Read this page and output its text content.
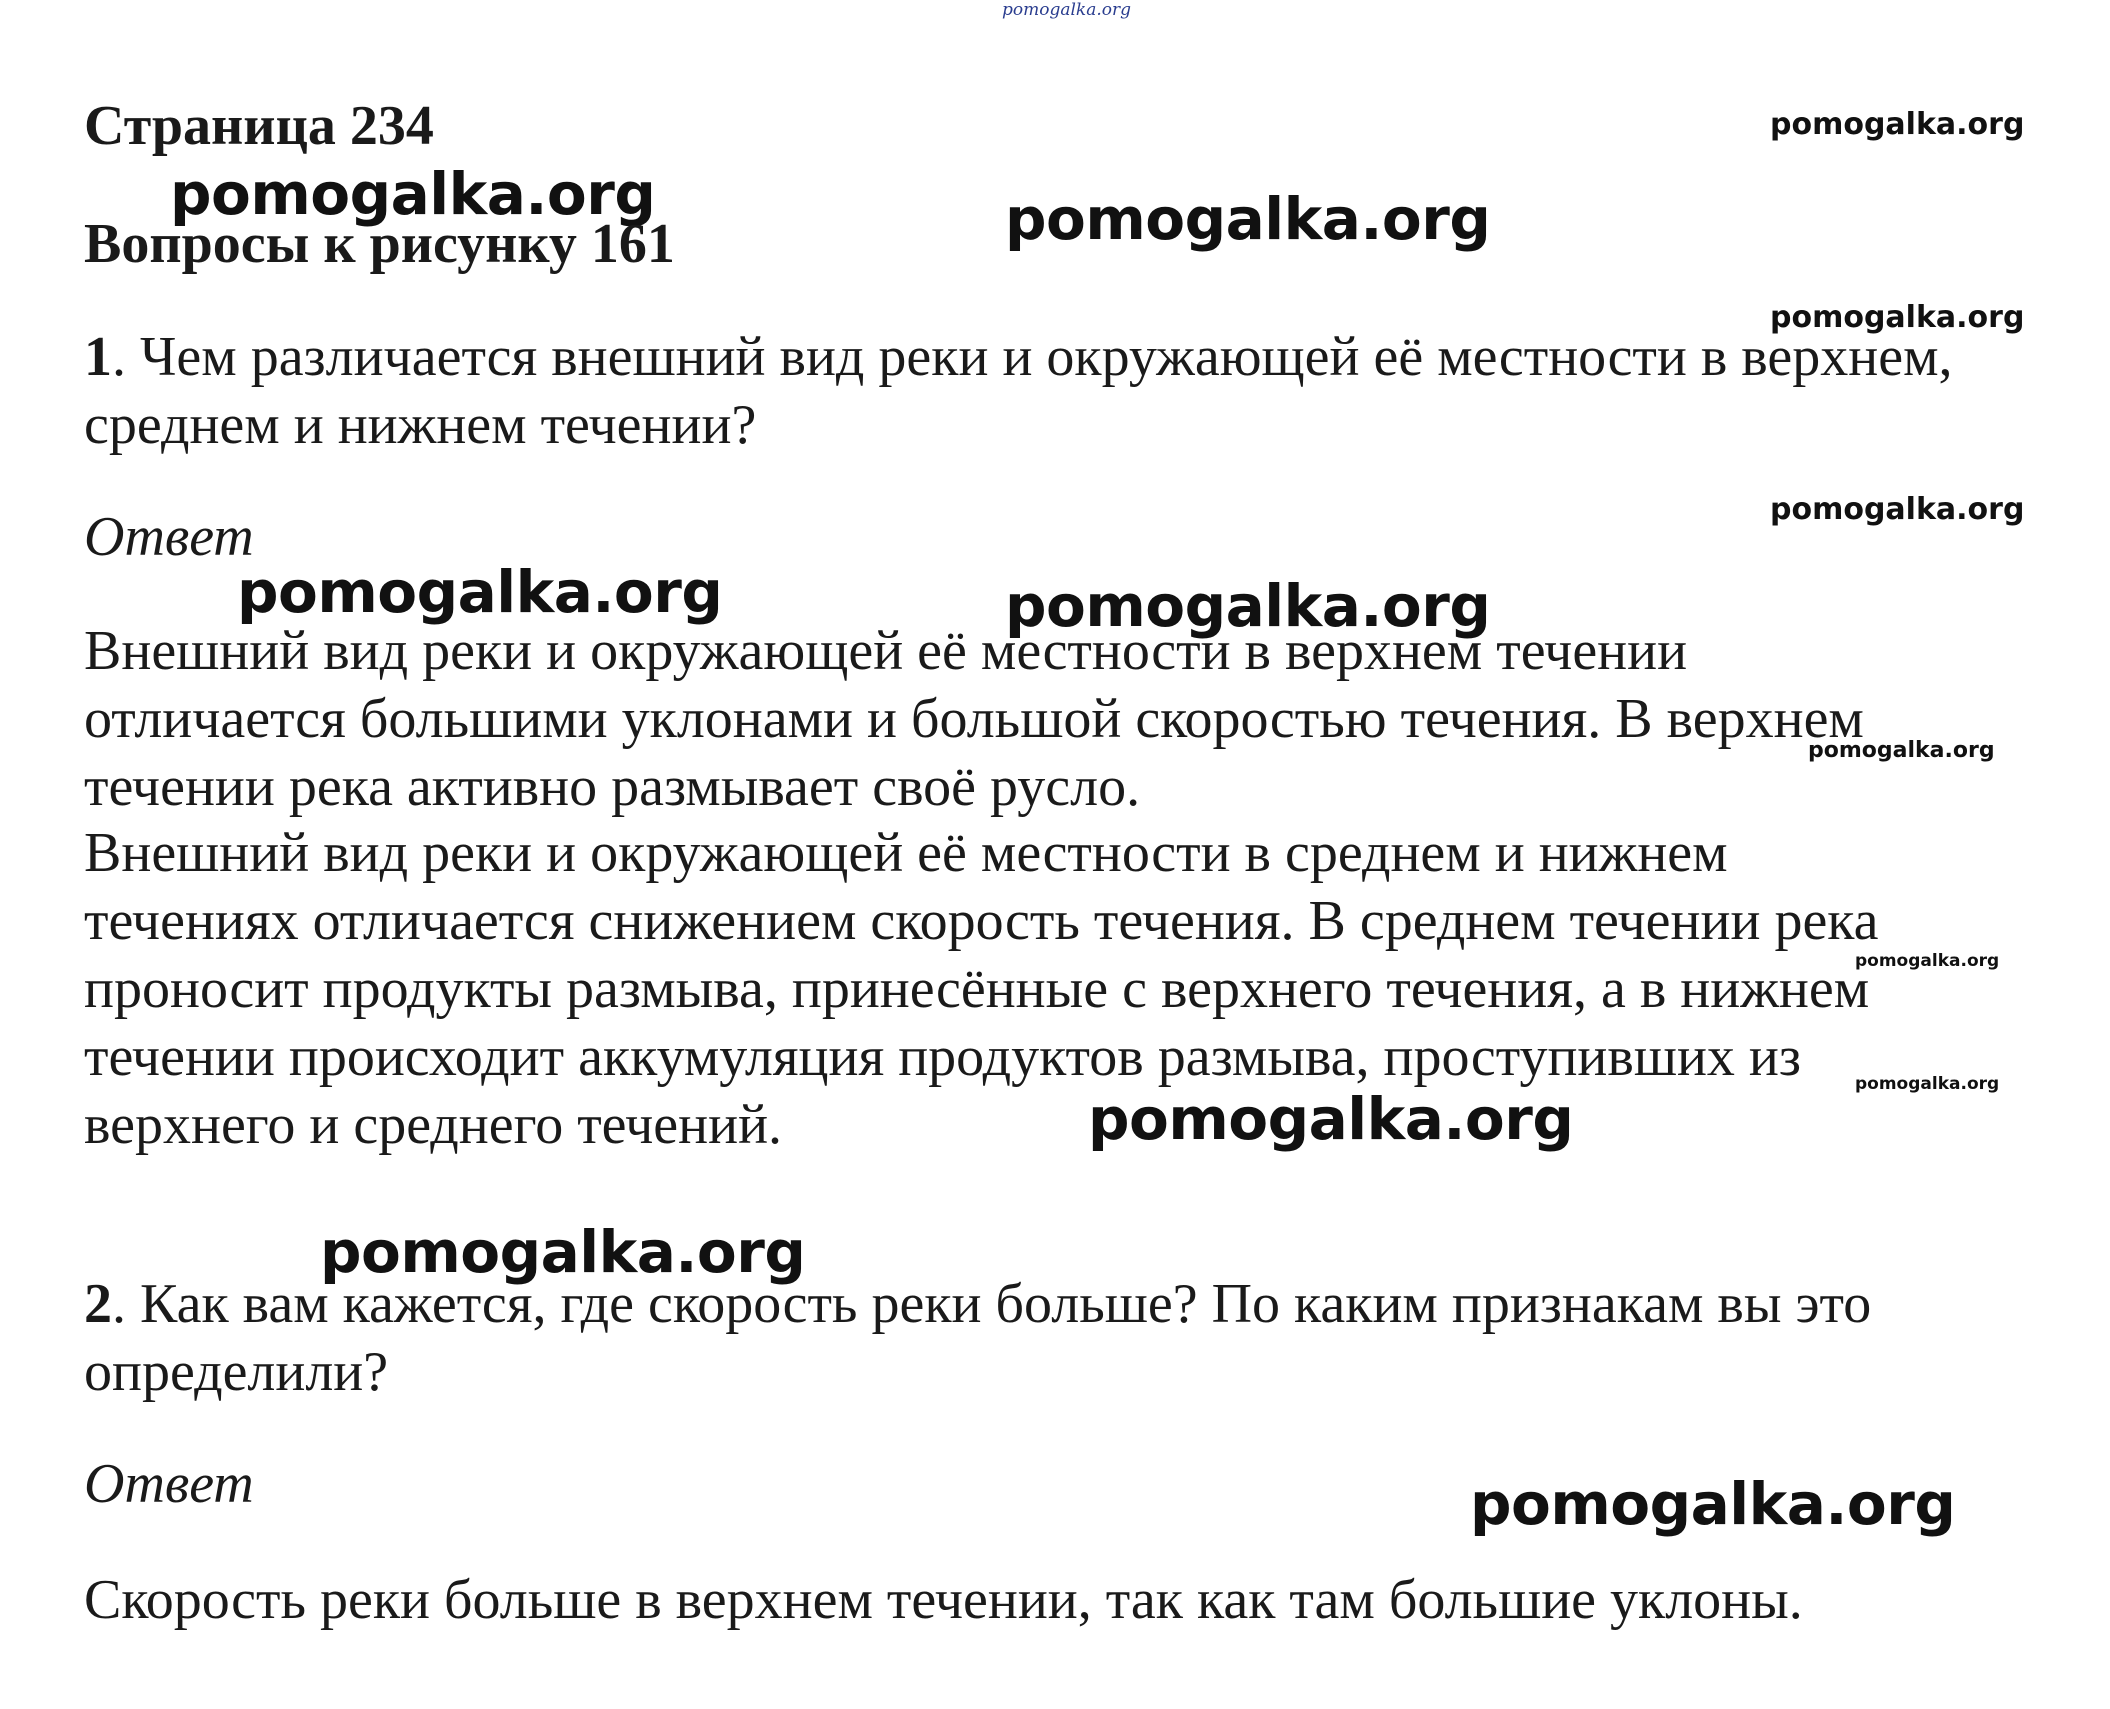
pomogalka.org
pomogalka.org
pomogalka.org	pomogalka.org
pomogalka.org
pomogalka.org
pomogalka.org	pomogalka.org
pomogalka.org
pomogalka.org
pomogalka.org
pomogalka.org
pomogalka.org
pomogalka.org
Страница 234
Вопросы к рисунку 161
1. Чем различается внешний вид реки и окружающей её местности в верхнем,
среднем и нижнем течении?
Ответ
Внешний вид реки и окружающей её местности в верхнем течении
отличается большими уклонами и большой скоростью течения. В верхнем
течении река активно размывает своё русло.
Внешний вид реки и окружающей её местности в среднем и нижнем
течениях отличается снижением скорость течения. В среднем течении река
проносит продукты размыва, принесённые с верхнего течения, а в нижнем
течении происходит аккумуляция продуктов размыва, проступивших из
верхнего и среднего течений.
2. Как вам кажется, где скорость реки больше? По каким признакам вы это
определили?
Ответ
Скорость реки больше в верхнем течении, так как там большие уклоны.
